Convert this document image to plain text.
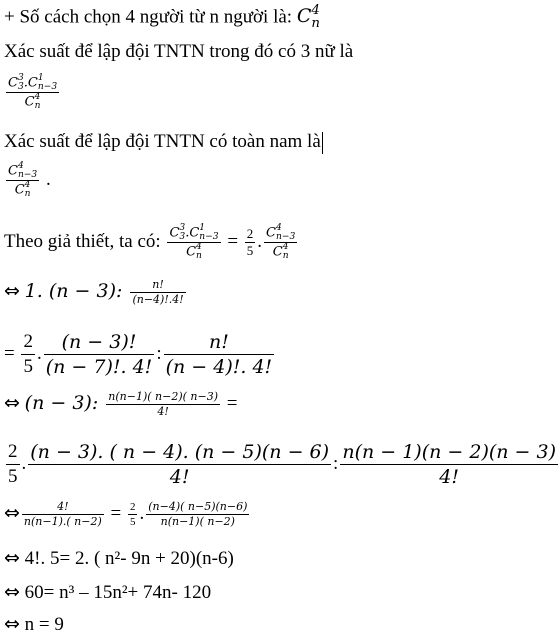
+ Số cách chọn 4 người từ n người là: C 4
n
Xác suất để lập đội TNTN trong đó có 3 nữ là
C 3
3 .C 1
n−3
C 4
n
Xác suất để lập đội TNTN có toàn nam là
C 4
n−3
C 4
n .
Theo giả thiết, ta có: C 3
3 .C 1
n−3
C 4
$n = \frac{2}{5}$ . C 4
n−3
C 4
n
⇔ 1. (n − 3): $\frac{n!}{(n-4)!.4!}$
= $\frac{2}{5}$ . $\frac{(n - 3)!}{(n - 7)!. 4!}$ : $\frac{n!}{(n - 4)!. 4!}$
⇔ (n − 3): $\frac{n(n-1)( n-2)( n-3)}{4!}$ =
$\frac{2}{5}$ . $\frac{(n - 3). ( n - 4). (n - 5)(n - 6)}{4!}$ : $\frac{n(n - 1)(n - 2)(n - 3)}{4!}$
⇔ $\frac{4!}{n(n-1).( n-2)} = \frac{2}{5}$ . $\frac{(n-4)( n-5)(n-6)}{n(n-1)( n-2)}$
⇔ 4!. 5= 2. ( n²- 9n + 20)(n-6)
⇔ 60= n³ – 15n²+ 74n- 120
⇔ n = 9
